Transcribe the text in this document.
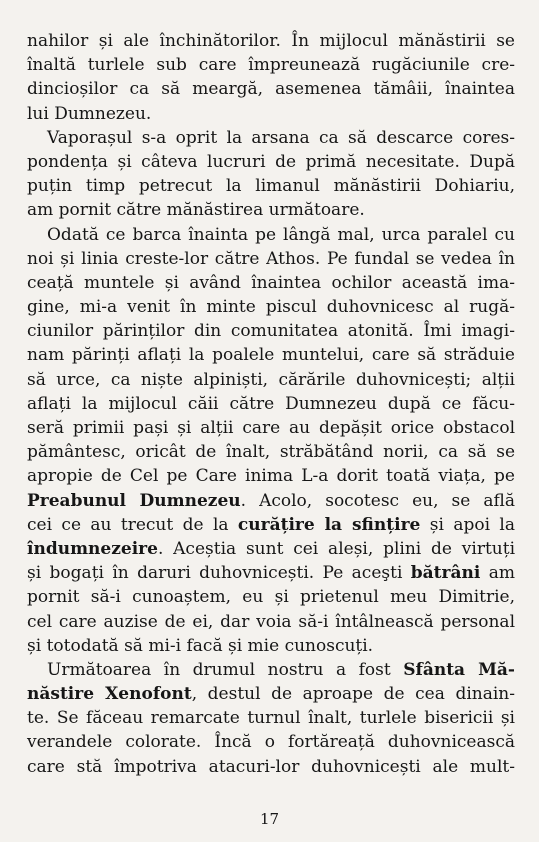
nahilor și ale închinătorilor. În mijlocul mănăstirii se
înaltă turlele sub care împreunează rugăciunile cre-
dincioșilor ca să meargă, asemenea tămâii, înaintea
lui Dumnezeu.
Vaporașul s-a oprit la arsana ca să descarce cores-
pondența și câteva lucruri de primă necesitate. După
puțin timp petrecut la limanul mănăstirii Dohiariu,
am pornit către mănăstirea următoare.
Odată ce barca înainta pe lângă mal, urca paralel cu
noi și linia creste-lor către Athos. Pe fundal se vedea în
ceață muntele și având înaintea ochilor această ima-
gine, mi-a venit în minte piscul duhovnicesc al rugă-
ciunilor părinților din comunitatea atonită. Îmi imagi-
nam părinți aflați la poalele muntelui, care să străduie
să urce, ca niște alpiniști, cărările duhovnicești; alții
aflați la mijlocul căii către Dumnezeu după ce făcu-
seră primii pași și alții care au depășit orice obstacol
pământesc, oricât de înalt, străbătând norii, ca să se
apropie de Cel pe Care inima L-a dorit toată viața, pe
Preabunul Dumnezeu. Acolo, socotesc eu, se află
cei ce au trecut de la curățire la sfințire și apoi la
îndumnezeire. Aceștia sunt cei aleși, plini de virtuți
și bogați în daruri duhovnicești. Pe aceşti bătrâni am
pornit să-i cunoaștem, eu și prietenul meu Dimitrie,
cel care auzise de ei, dar voia să-i întâlnească personal
și totodată să mi-i facă și mie cunoscuți.
Următoarea în drumul nostru a fost Sfânta Mă-
năstire Xenofont, destul de aproape de cea dinain-
te. Se făceau remarcate turnul înalt, turlele bisericii și
verandele colorate. Încă o fortăreață duhovnicească
care stă împotriva atacuri-lor duhovnicești ale mult-
17
